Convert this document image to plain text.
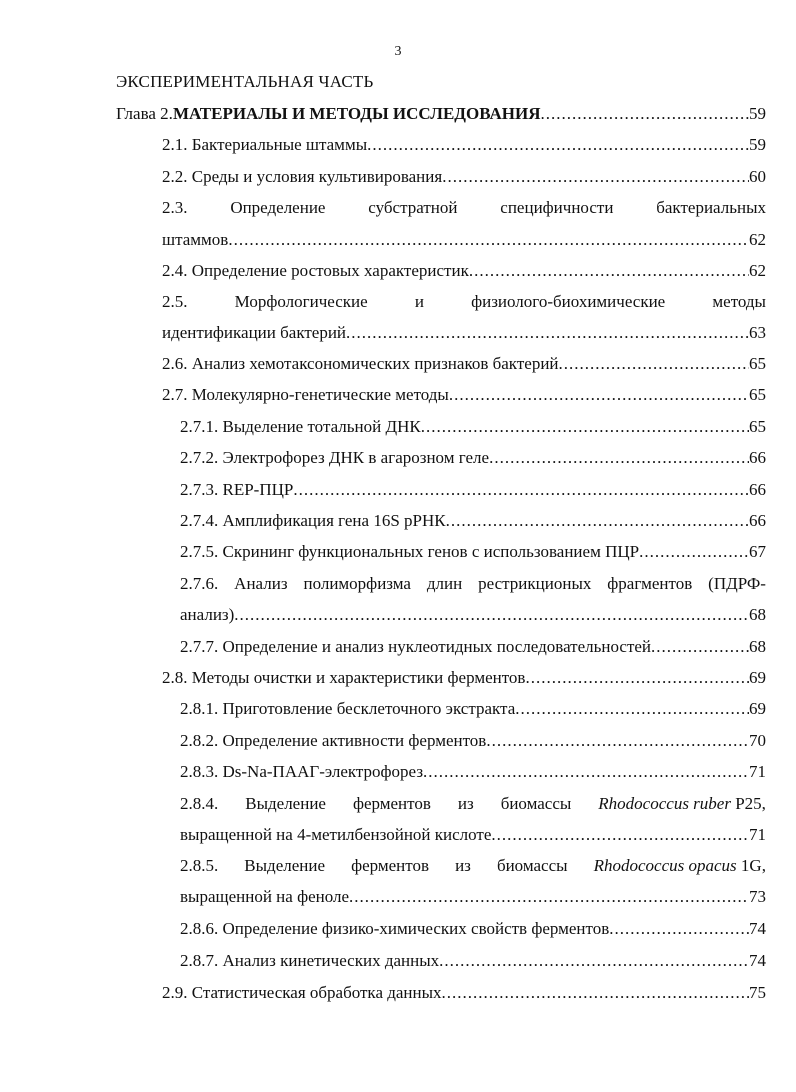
3
ЭКСПЕРИМЕНТАЛЬНАЯ ЧАСТЬ
Глава 2. МАТЕРИАЛЫ И МЕТОДЫ ИССЛЕДОВАНИЯ .....	59
2.1. Бактериальные штаммы .....	59
2.2. Среды и условия культивирования .....	60
2.3.	Определение	субстратной	специфичности	бактериальных
штаммов .....	62
2.4. Определение ростовых характеристик .....	62
2.5.	Морфологические	и	физиолого-биохимические	методы
идентификации бактерий .....	63
2.6. Анализ хемотаксономических признаков бактерий .....	65
2.7. Молекулярно-генетические методы .....	65
2.7.1. Выделение тотальной ДНК .....	65
2.7.2. Электрофорез ДНК в агарозном геле .....	66
2.7.3. REP-ПЦР .....	66
2.7.4. Амплификация гена 16S рРНК .....	66
2.7.5. Скрининг функциональных генов с использованием ПЦР .....	67
2.7.6. Анализ полиморфизма длин рестрикционых фрагментов (ПДРФ-
анализ) .....	68
2.7.7. Определение и анализ нуклеотидных последовательностей .....	68
2.8. Методы очистки и характеристики ферментов .....	69
2.8.1. Приготовление бесклеточного экстракта .....	69
2.8.2. Определение активности ферментов .....	70
2.8.3. Ds-Na-ПААГ-электрофорез .....	71
2.8.4. Выделение ферментов из биомассы Rhodococcus ruber P25,
выращенной на 4-метилбензойной кислоте .....	71
2.8.5. Выделение ферментов из биомассы Rhodococcus opacus 1G,
выращенной на феноле .....	73
2.8.6. Определение физико-химических свойств ферментов .....	74
2.8.7. Анализ кинетических данных .....	74
2.9. Статистическая обработка данных .....	75
